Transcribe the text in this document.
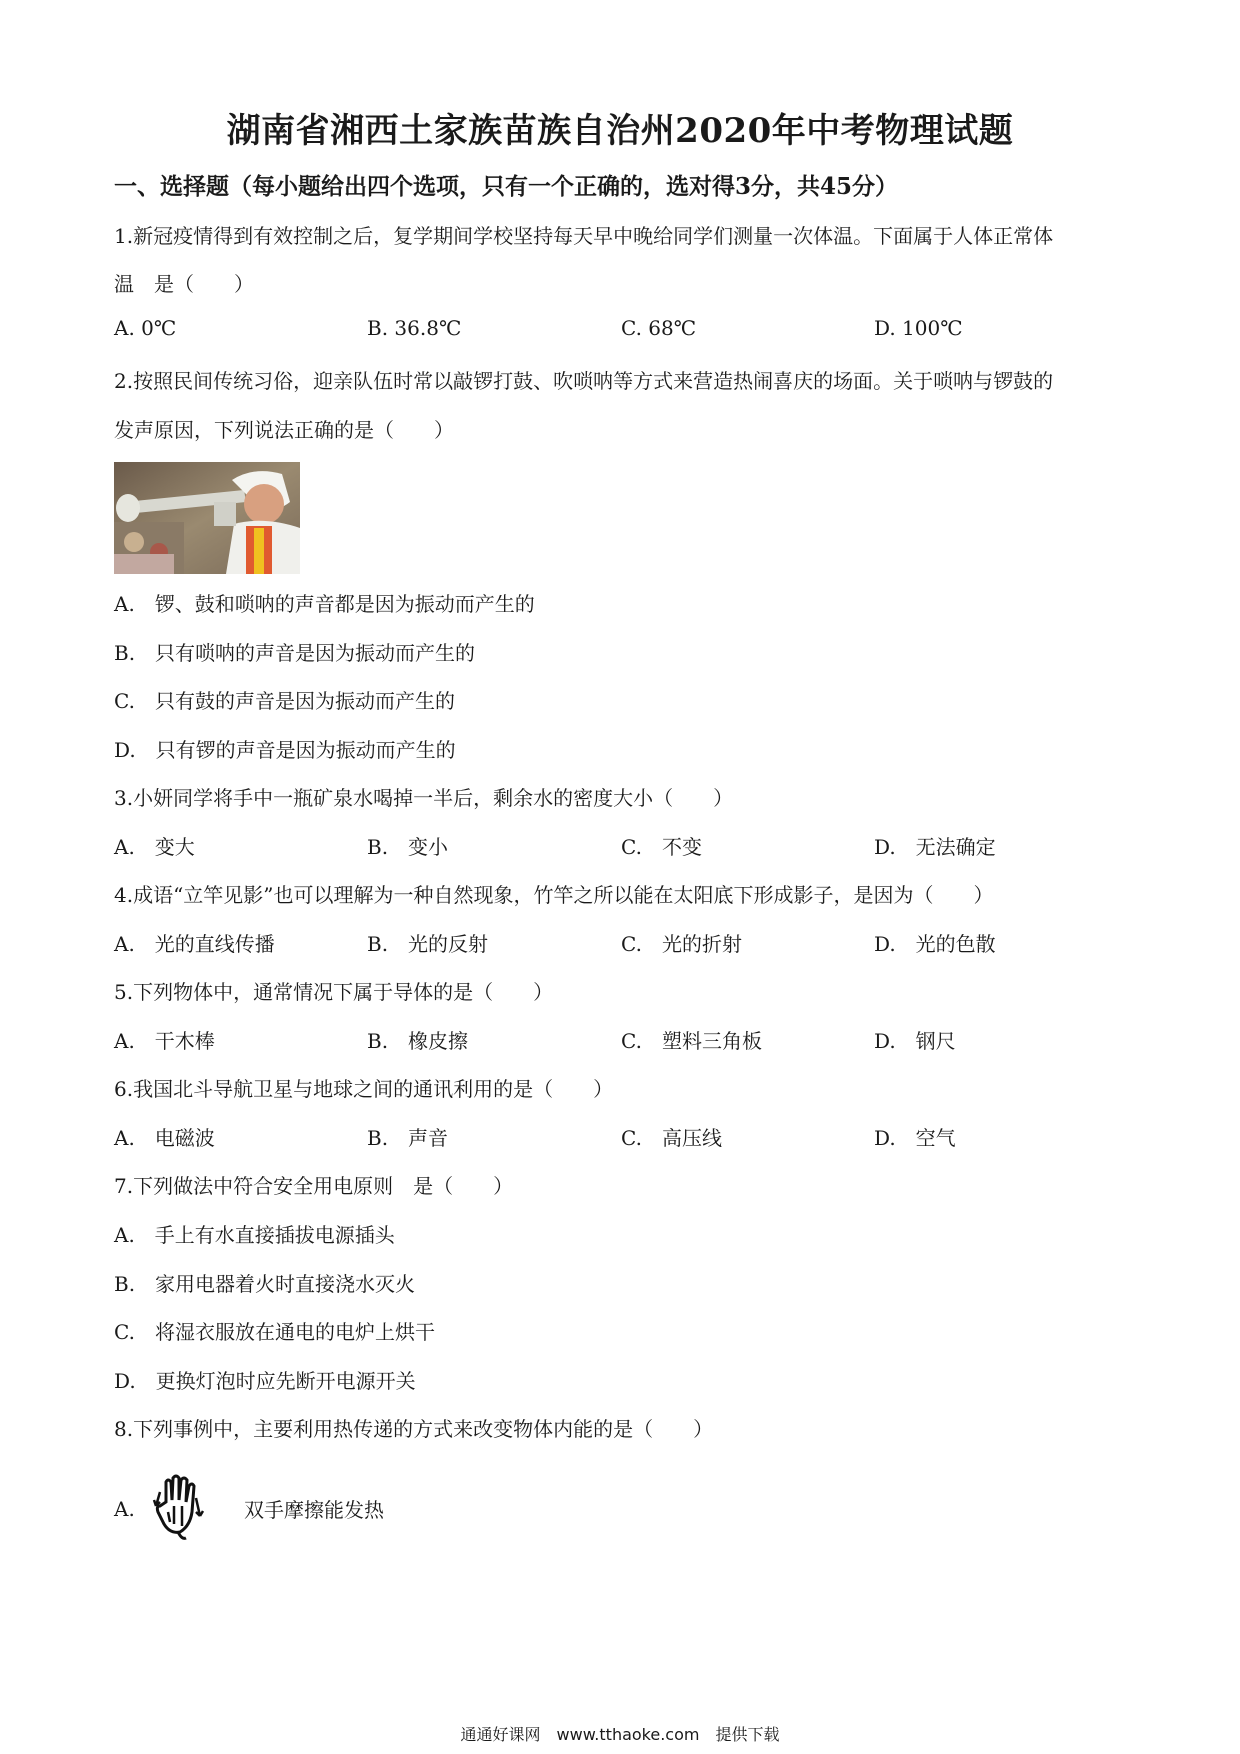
湖南省湘西土家族苗族自治州2020年中考物理试题
一、选择题（每小题给出四个选项，只有一个正确的，选对得3分，共45分）
1.新冠疫情得到有效控制之后，复学期间学校坚持每天早中晚给同学们测量一次体温。下面属于人体正常体
温　是（　　）
A. 0℃	B. 36.8℃	C. 68℃	D. 100℃
2.按照民间传统习俗，迎亲队伍时常以敲锣打鼓、吹唢呐等方式来营造热闹喜庆的场面。关于唢呐与锣鼓的
发声原因，下列说法正确的是（　　）
A.　锣、鼓和唢呐的声音都是因为振动而产生的
B.　只有唢呐的声音是因为振动而产生的
C.　只有鼓的声音是因为振动而产生的
D.　只有锣的声音是因为振动而产生的
3.小妍同学将手中一瓶矿泉水喝掉一半后，剩余水的密度大小（　　）
A.　变大	B.　变小	C.　不变	D.　无法确定
4.成语“立竿见影”也可以理解为一种自然现象，竹竿之所以能在太阳底下形成影子，是因为（　　）
A.　光的直线传播	B.　光的反射	C.　光的折射	D.　光的色散
5.下列物体中，通常情况下属于导体的是（　　）
A.　干木棒	B.　橡皮擦	C.　塑料三角板	D.　钢尺
6.我国北斗导航卫星与地球之间的通讯利用的是（　　）
A.　电磁波	B.　声音	C.　高压线	D.　空气
7.下列做法中符合安全用电原则　是（　　）
A.　手上有水直接插拔电源插头
B.　家用电器着火时直接浇水灭火
C.　将湿衣服放在通电的电炉上烘干
D.　更换灯泡时应先断开电源开关
8.下列事例中，主要利用热传递的方式来改变物体内能的是（　　）
A.	双手摩擦能发热
通通好课网　www.tthaoke.com　提供下载
